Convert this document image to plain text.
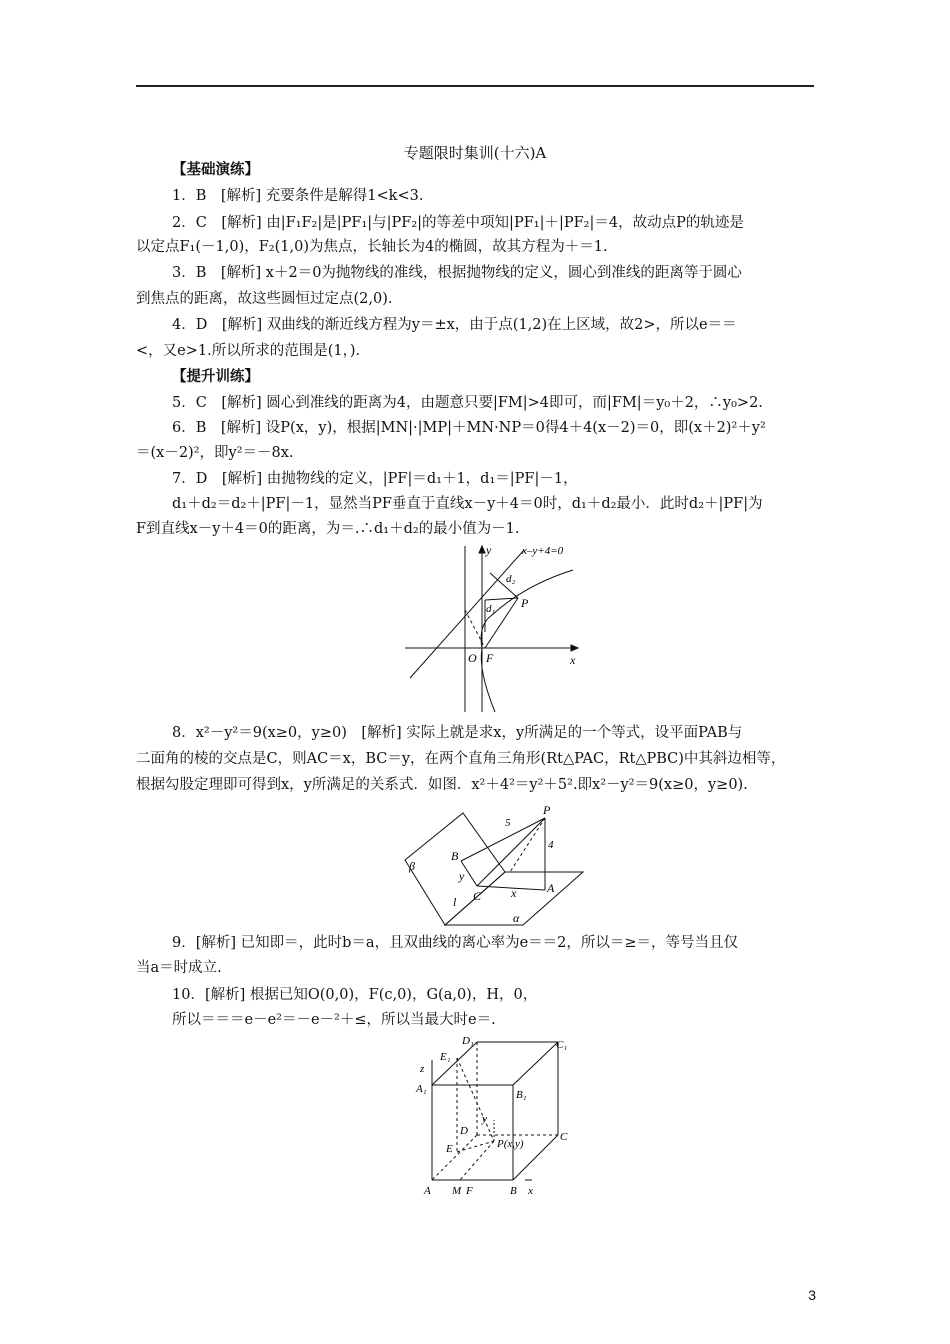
专题限时集训(十六)A
【基础演练】
1．B　[解析] 充要条件是解得1<k<3.
2．C　[解析] 由|F₁F₂|是|PF₁|与|PF₂|的等差中项知|PF₁|＋|PF₂|＝4，故动点P的轨迹是
以定点F₁(－1,0)，F₂(1,0)为焦点，长轴长为4的椭圆，故其方程为＋＝1.
3．B　[解析] x＋2＝0为抛物线的准线，根据抛物线的定义，圆心到准线的距离等于圆心
到焦点的距离，故这些圆恒过定点(2,0).
4．D　[解析] 双曲线的渐近线方程为y＝±x，由于点(1,2)在上区域，故2>，所以e＝＝
<，又e>1.所以所求的范围是(1，).
【提升训练】
5．C　[解析] 圆心到准线的距离为4，由题意只要|FM|>4即可，而|FM|＝y₀＋2，∴y₀>2.
6．B　[解析] 设P(x，y)，根据|MN|·|MP|＋MN·NP＝0得4＋4(x－2)＝0，即(x＋2)²＋y²
＝(x－2)²，即y²＝－8x.
7．D　[解析] 由抛物线的定义，|PF|＝d₁＋1，d₁＝|PF|－1，
d₁＋d₂＝d₂＋|PF|－1，显然当PF垂直于直线x－y＋4＝0时，d₁＋d₂最小．此时d₂＋|PF|为
F到直线x－y＋4＝0的距离，为＝.∴d₁＋d₂的最小值为－1.
y	x–y+4=0
d₂
d₁ P
O F	x
8．x²－y²＝9(x≥0，y≥0)　[解析] 实际上就是求x，y所满足的一个等式，设平面PAB与
二面角的棱的交点是C，则AC＝x，BC＝y，在两个直角三角形(Rt△PAC，Rt△PBC)中其斜边相等，
根据勾股定理即可得到x，y所满足的关系式．如图．x²＋4²＝y²＋5².即x²－y²＝9(x≥0，y≥0).
P
5
4
B
β
y
x
C
A
l
α
9．[解析] 已知即＝，此时b＝a，且双曲线的离心率为e＝＝2，所以＝≥＝，等号当且仅
当a＝时成立.
10．[解析] 根据已知O(0,0)，F(c,0)，G(a,0)，H，0，
所以＝＝＝e－e²＝－e－²＋≤，所以当最大时e＝.
D₁	C₁
E₁
z
A₁	B₁
y
D	C
E	P(x,y)
A M F	B x
3
